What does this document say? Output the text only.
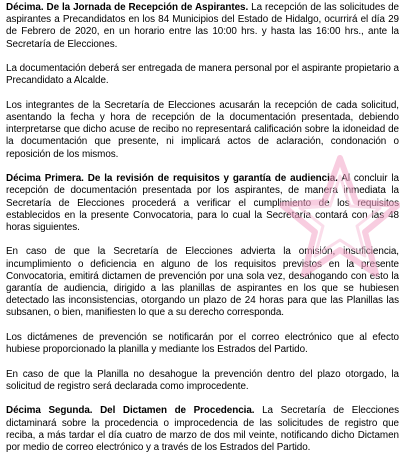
Décima. De la Jornada de Recepción de Aspirantes. La recepción de las solicitudes de aspirantes a Precandidatos en los 84 Municipios del Estado de Hidalgo, ocurrirá el día 29 de Febrero de 2020, en un horario entre las 10:00 hrs. y hasta las 16:00 hrs., ante la Secretaría de Elecciones.

La documentación deberá ser entregada de manera personal por el aspirante propietario a Precandidato a Alcalde.

Los integrantes de la Secretaría de Elecciones acusarán la recepción de cada solicitud, asentando la fecha y hora de recepción de la documentación presentada, debiendo interpretarse que dicho acuse de recibo no representará calificación sobre la idoneidad de la documentación que presente, ni implicará actos de aclaración, condonación o reposición de los mismos.

Décima Primera. De la revisión de requisitos y garantía de audiencia. Al concluir la recepción de documentación presentada por los aspirantes, de manera inmediata la Secretaría de Elecciones procederá a verificar el cumplimiento de los requisitos establecidos en la presente Convocatoria, para lo cual la Secretaría contará con las 48 horas siguientes.

En caso de que la Secretaría de Elecciones advierta la omisión, insuficiencia, incumplimiento o deficiencia en alguno de los requisitos previstos en la presente Convocatoria, emitirá dictamen de prevención por una sola vez, desahogando con esto la garantía de audiencia, dirigido a las planillas de aspirantes en los que se hubiesen detectado las inconsistencias, otorgando un plazo de 24 horas para que las Planillas las subsanen, o bien, manifiesten lo que a su derecho corresponda.

Los dictámenes de prevención se notificarán por el correo electrónico que al efecto hubiese proporcionado la planilla y mediante los Estrados del Partido.

En caso de que la Planilla no desahogue la prevención dentro del plazo otorgado, la solicitud de registro será declarada como improcedente.

Décima Segunda. Del Dictamen de Procedencia. La Secretaría de Elecciones dictaminará sobre la procedencia o improcedencia de las solicitudes de registro que reciba, a más tardar el día cuatro de marzo de dos mil veinte, notificando dicho Dictamen por medio de correo electrónico y a través de los Estrados del Partido.
